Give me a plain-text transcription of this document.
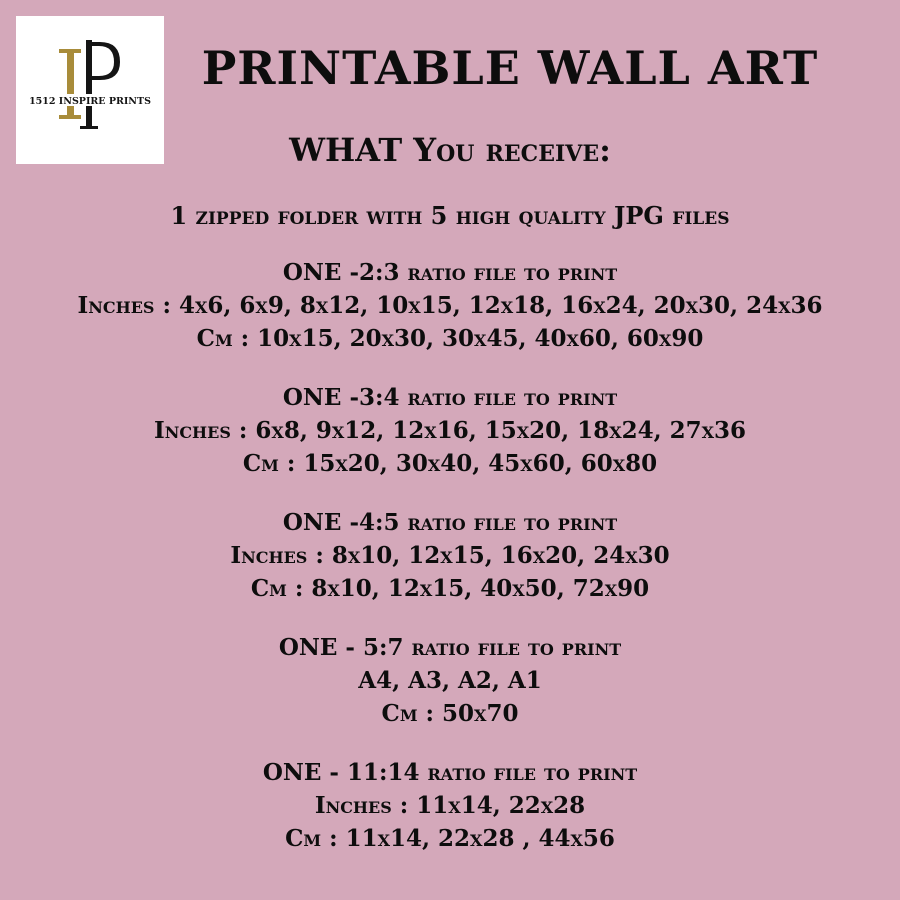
1512 INSPIRE PRINTS
PRINTABLE WALL ART
WHAT You receive:
1 zipped folder with 5 high quality JPG files
ONE -2:3 ratio file to print
Inches : 4x6, 6x9, 8x12, 10x15, 12x18, 16x24, 20x30, 24x36
Cm : 10x15, 20x30, 30x45, 40x60, 60x90
ONE -3:4 ratio file to print
Inches : 6x8, 9x12, 12x16, 15x20, 18x24, 27x36
Cm : 15x20, 30x40, 45x60, 60x80
ONE -4:5 ratio file to print
Inches : 8x10, 12x15, 16x20, 24x30
Cm : 8x10, 12x15, 40x50, 72x90
ONE - 5:7 ratio file to print
A4, A3, A2, A1
Cm : 50x70
ONE - 11:14 ratio file to print
Inches : 11x14, 22x28
Cm : 11x14, 22x28 , 44x56
